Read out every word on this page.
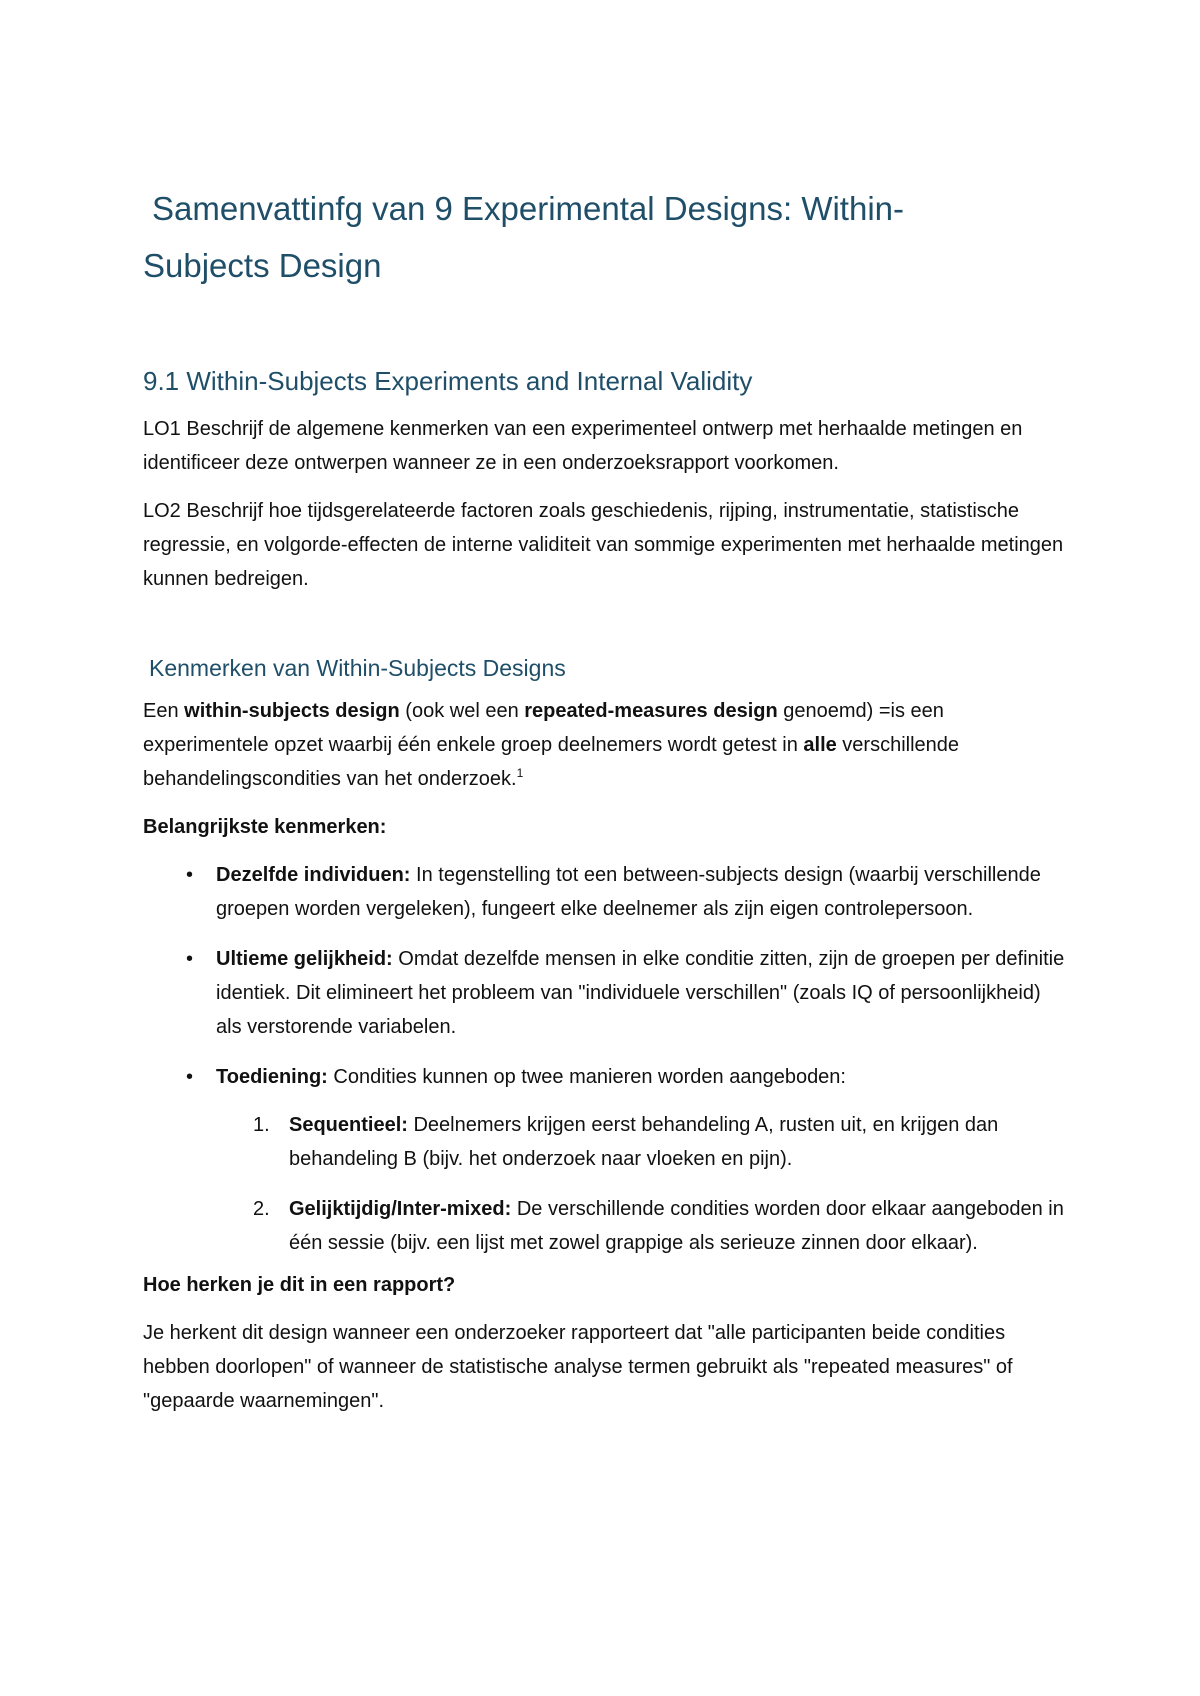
Samenvattinfg van 9 Experimental Designs: Within-
Subjects Design
9.1 Within-Subjects Experiments and Internal Validity

LO1 Beschrijf de algemene kenmerken van een experimenteel ontwerp met herhaalde metingen en identificeer deze ontwerpen wanneer ze in een onderzoeksrapport voorkomen.

LO2 Beschrijf hoe tijdsgerelateerde factoren zoals geschiedenis, rijping, instrumentatie, statistische regressie, en volgorde-effecten de interne validiteit van sommige experimenten met herhaalde metingen kunnen bedreigen.

Kenmerken van Within-Subjects Designs

Een within-subjects design (ook wel een repeated-measures design genoemd) =is een experimentele opzet waarbij één enkele groep deelnemers wordt getest in alle verschillende behandelingscondities van het onderzoek.$^1$

Belangrijkste kenmerken:

• Dezelfde individuen: In tegenstelling tot een between-subjects design (waarbij verschillende groepen worden vergeleken), fungeert elke deelnemer als zijn eigen controlepersoon.
• Ultieme gelijkheid: Omdat dezelfde mensen in elke conditie zitten, zijn de groepen per definitie identiek. Dit elimineert het probleem van "individuele verschillen" (zoals IQ of persoonlijkheid) als verstorende variabelen.
• Toediening: Condities kunnen op twee manieren worden aangeboden:
1. Sequentieel: Deelnemers krijgen eerst behandeling A, rusten uit, en krijgen dan behandeling B (bijv. het onderzoek naar vloeken en pijn).
2. Gelijktijdig/Inter-mixed: De verschillende condities worden door elkaar aangeboden in één sessie (bijv. een lijst met zowel grappige als serieuze zinnen door elkaar).

Hoe herken je dit in een rapport?

Je herkent dit design wanneer een onderzoeker rapporteert dat "alle participanten beide condities hebben doorlopen" of wanneer de statistische analyse termen gebruikt als "repeated measures" of "gepaarde waarnemingen".
